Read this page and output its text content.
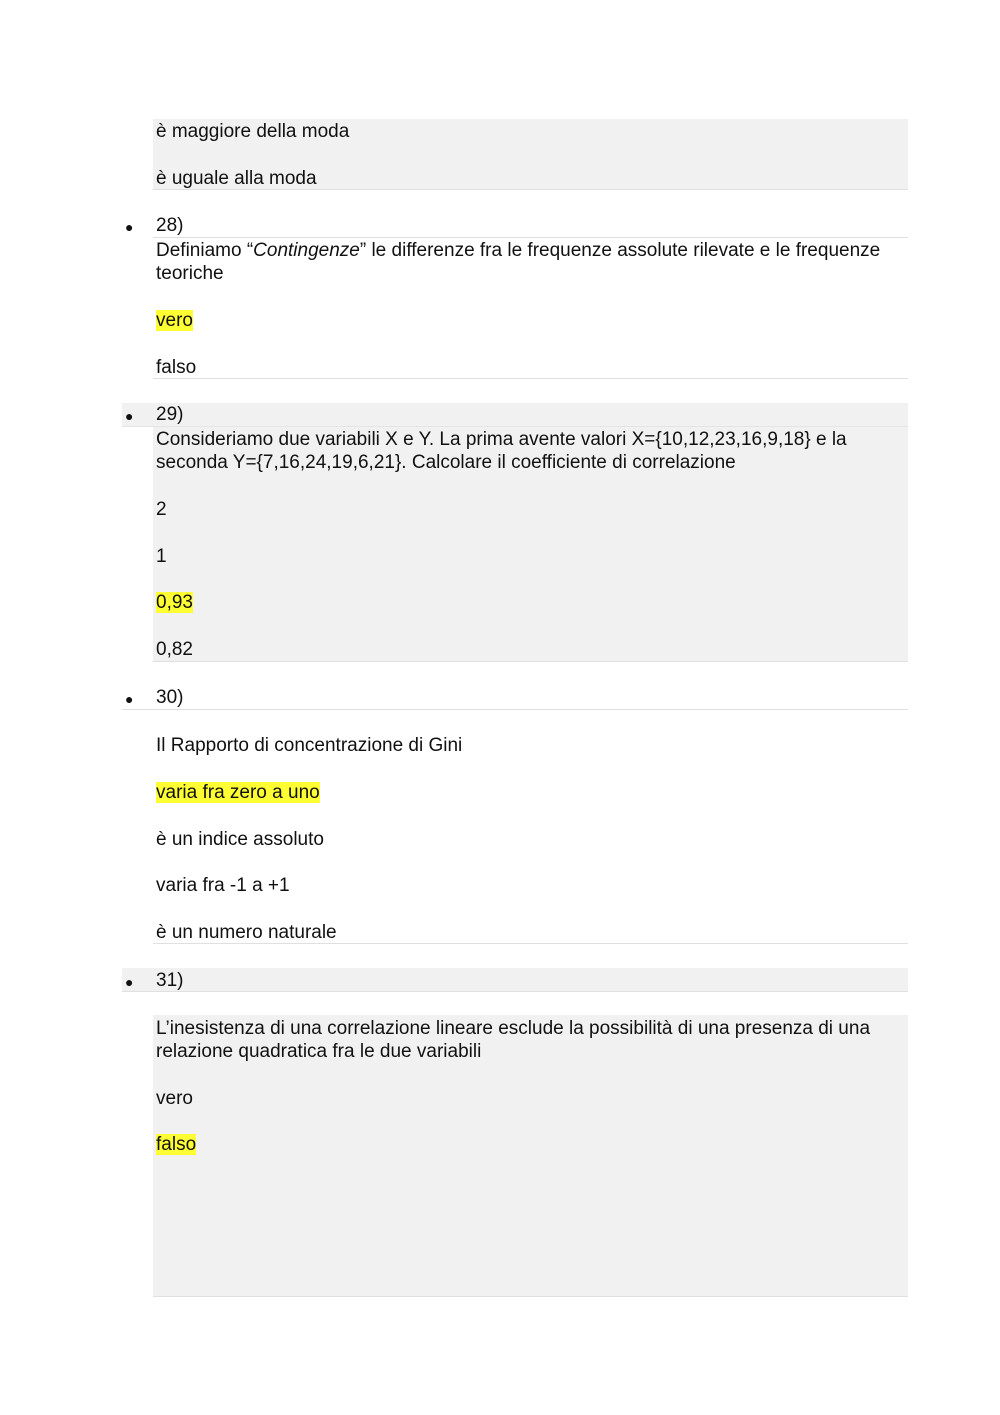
è maggiore della moda
è uguale alla moda
● 28)
Definiamo “Contingenze” le differenze fra le frequenze assolute rilevate e le frequenze teoriche
vero
falso
● 29)
Consideriamo due variabili X e Y. La prima avente valori X={10,12,23,16,9,18} e la seconda Y={7,16,24,19,6,21}. Calcolare il coefficiente di correlazione
2
1
0,93
0,82
● 30)
Il Rapporto di concentrazione di Gini
varia fra zero a uno
è un indice assoluto
varia fra -1 a +1
è un numero naturale
● 31)
L’inesistenza di una correlazione lineare esclude la possibilità di una presenza di una relazione quadratica fra le due variabili
vero
falso
